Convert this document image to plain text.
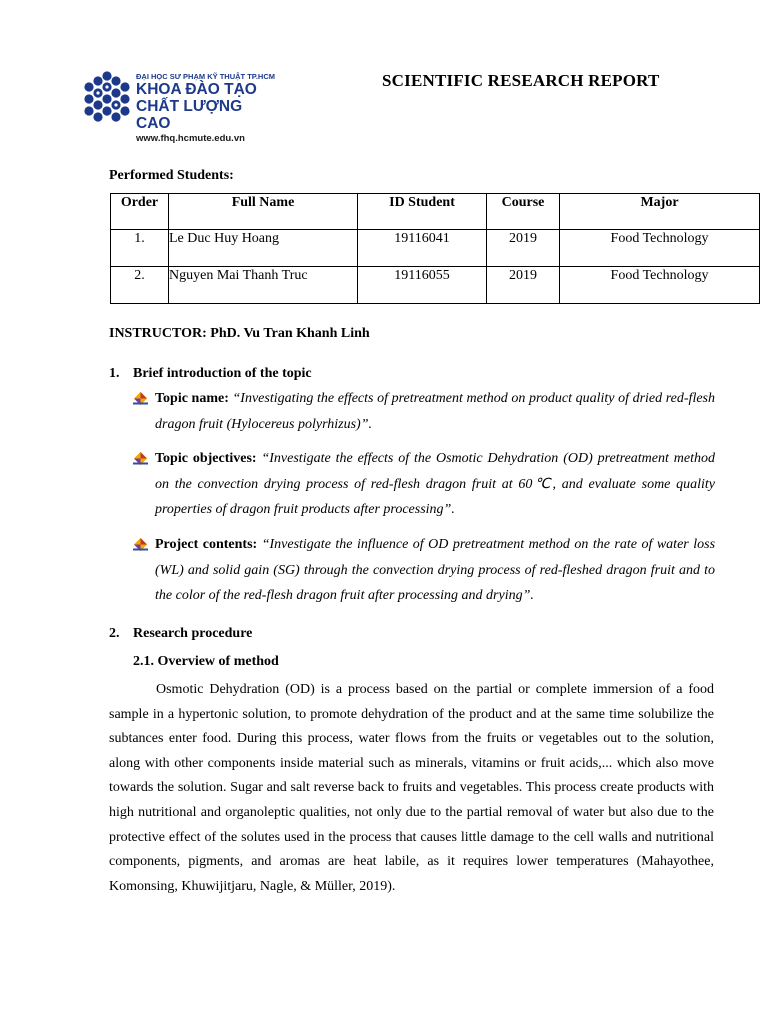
ĐẠI HỌC SƯ PHẠM KỸ THUẬT TP.HCM
KHOA ĐÀO TẠO
CHẤT LƯỢNG CAO
www.fhq.hcmute.edu.vn
SCIENTIFIC RESEARCH REPORT
Performed Students:
Order	Full Name	ID Student	Course	Major
1.	Le Duc Huy Hoang	19116041	2019	Food Technology
2.	Nguyen Mai Thanh Truc	19116055	2019	Food Technology
INSTRUCTOR: PhD. Vu Tran Khanh Linh
1. Brief introduction of the topic
Topic name: “Investigating the effects of pretreatment method on product quality of dried red-flesh dragon fruit (Hylocereus polyrhizus)”.
Topic objectives: “Investigate the effects of the Osmotic Dehydration (OD) pretreatment method on the convection drying process of red-flesh dragon fruit at 60℃, and evaluate some quality properties of dragon fruit products after processing”.
Project contents: “Investigate the influence of OD pretreatment method on the rate of water loss (WL) and solid gain (SG) through the convection drying process of red-fleshed dragon fruit and to the color of the red-flesh dragon fruit after processing and drying”.
2. Research procedure
2.1. Overview of method
Osmotic Dehydration (OD) is a process based on the partial or complete immersion of a food sample in a hypertonic solution, to promote dehydration of the product and at the same time solubilize the subtances enter food. During this process, water flows from the fruits or vegetables out to the solution, along with other components inside material such as minerals, vitamins or fruit acids,... which also move towards the solution. Sugar and salt reverse back to fruits and vegetables. This process create products with high nutritional and organoleptic qualities, not only due to the partial removal of water but also due to the protective effect of the solutes used in the process that causes little damage to the cell walls and nutritional components, pigments, and aromas are heat labile, as it requires lower temperatures (Mahayothee, Komonsing, Khuwijitjaru, Nagle, & Müller, 2019).
